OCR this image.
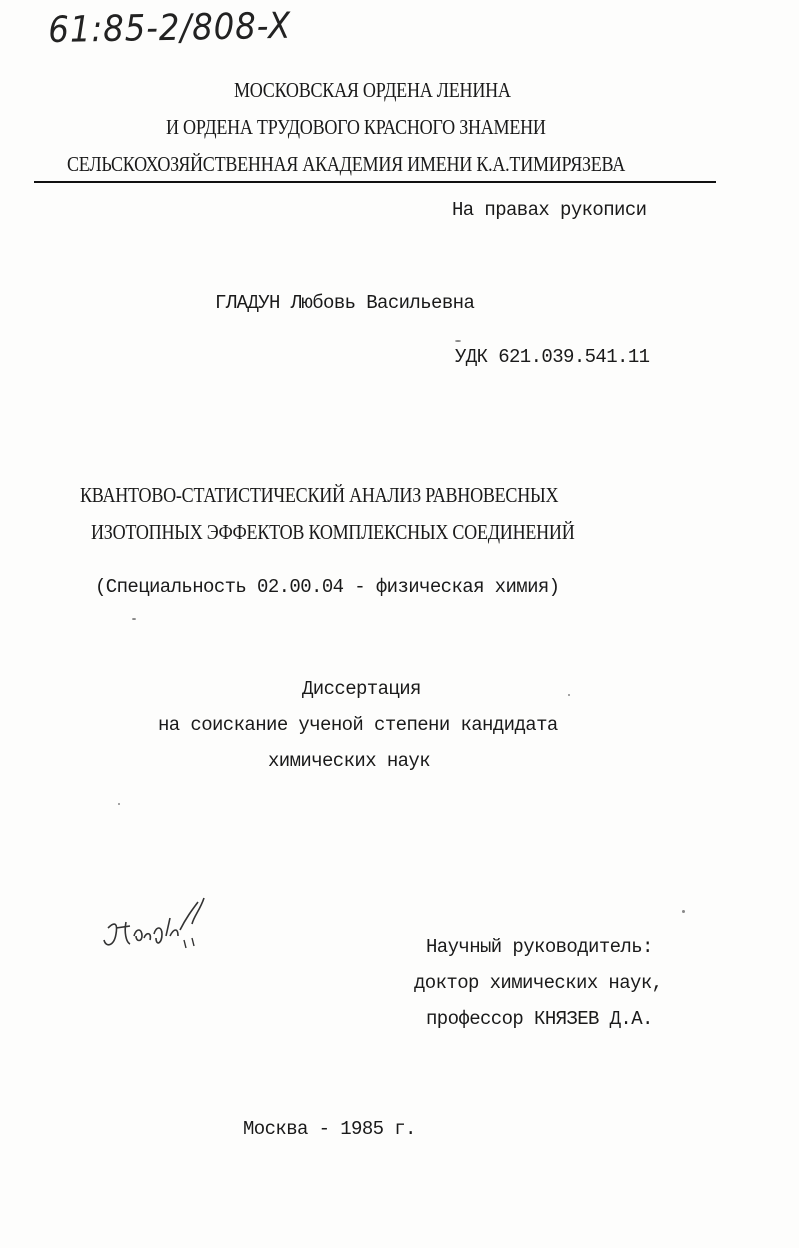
61:85-2/808-X
МОСКОВСКАЯ ОРДЕНА ЛЕНИНА
И ОРДЕНА ТРУДОВОГО КРАСНОГО ЗНАМЕНИ
СЕЛЬСКОХОЗЯЙСТВЕННАЯ АКАДЕМИЯ ИМЕНИ К.А.ТИМИРЯЗЕВА
На правах рукописи
ГЛАДУН Любовь Васильевна
УДК 621.039.541.11
КВАНТОВО-СТАТИСТИЧЕСКИЙ АНАЛИЗ РАВНОВЕСНЫХ
ИЗОТОПНЫХ ЭФФЕКТОВ КОМПЛЕКСНЫХ СОЕДИНЕНИЙ
(Специальность 02.00.04 - физическая химия)
Диссертация
на соискание ученой степени кандидата
химических наук
Научный руководитель:
доктор химических наук,
профессор КНЯЗЕВ Д.А.
Москва - 1985 г.
